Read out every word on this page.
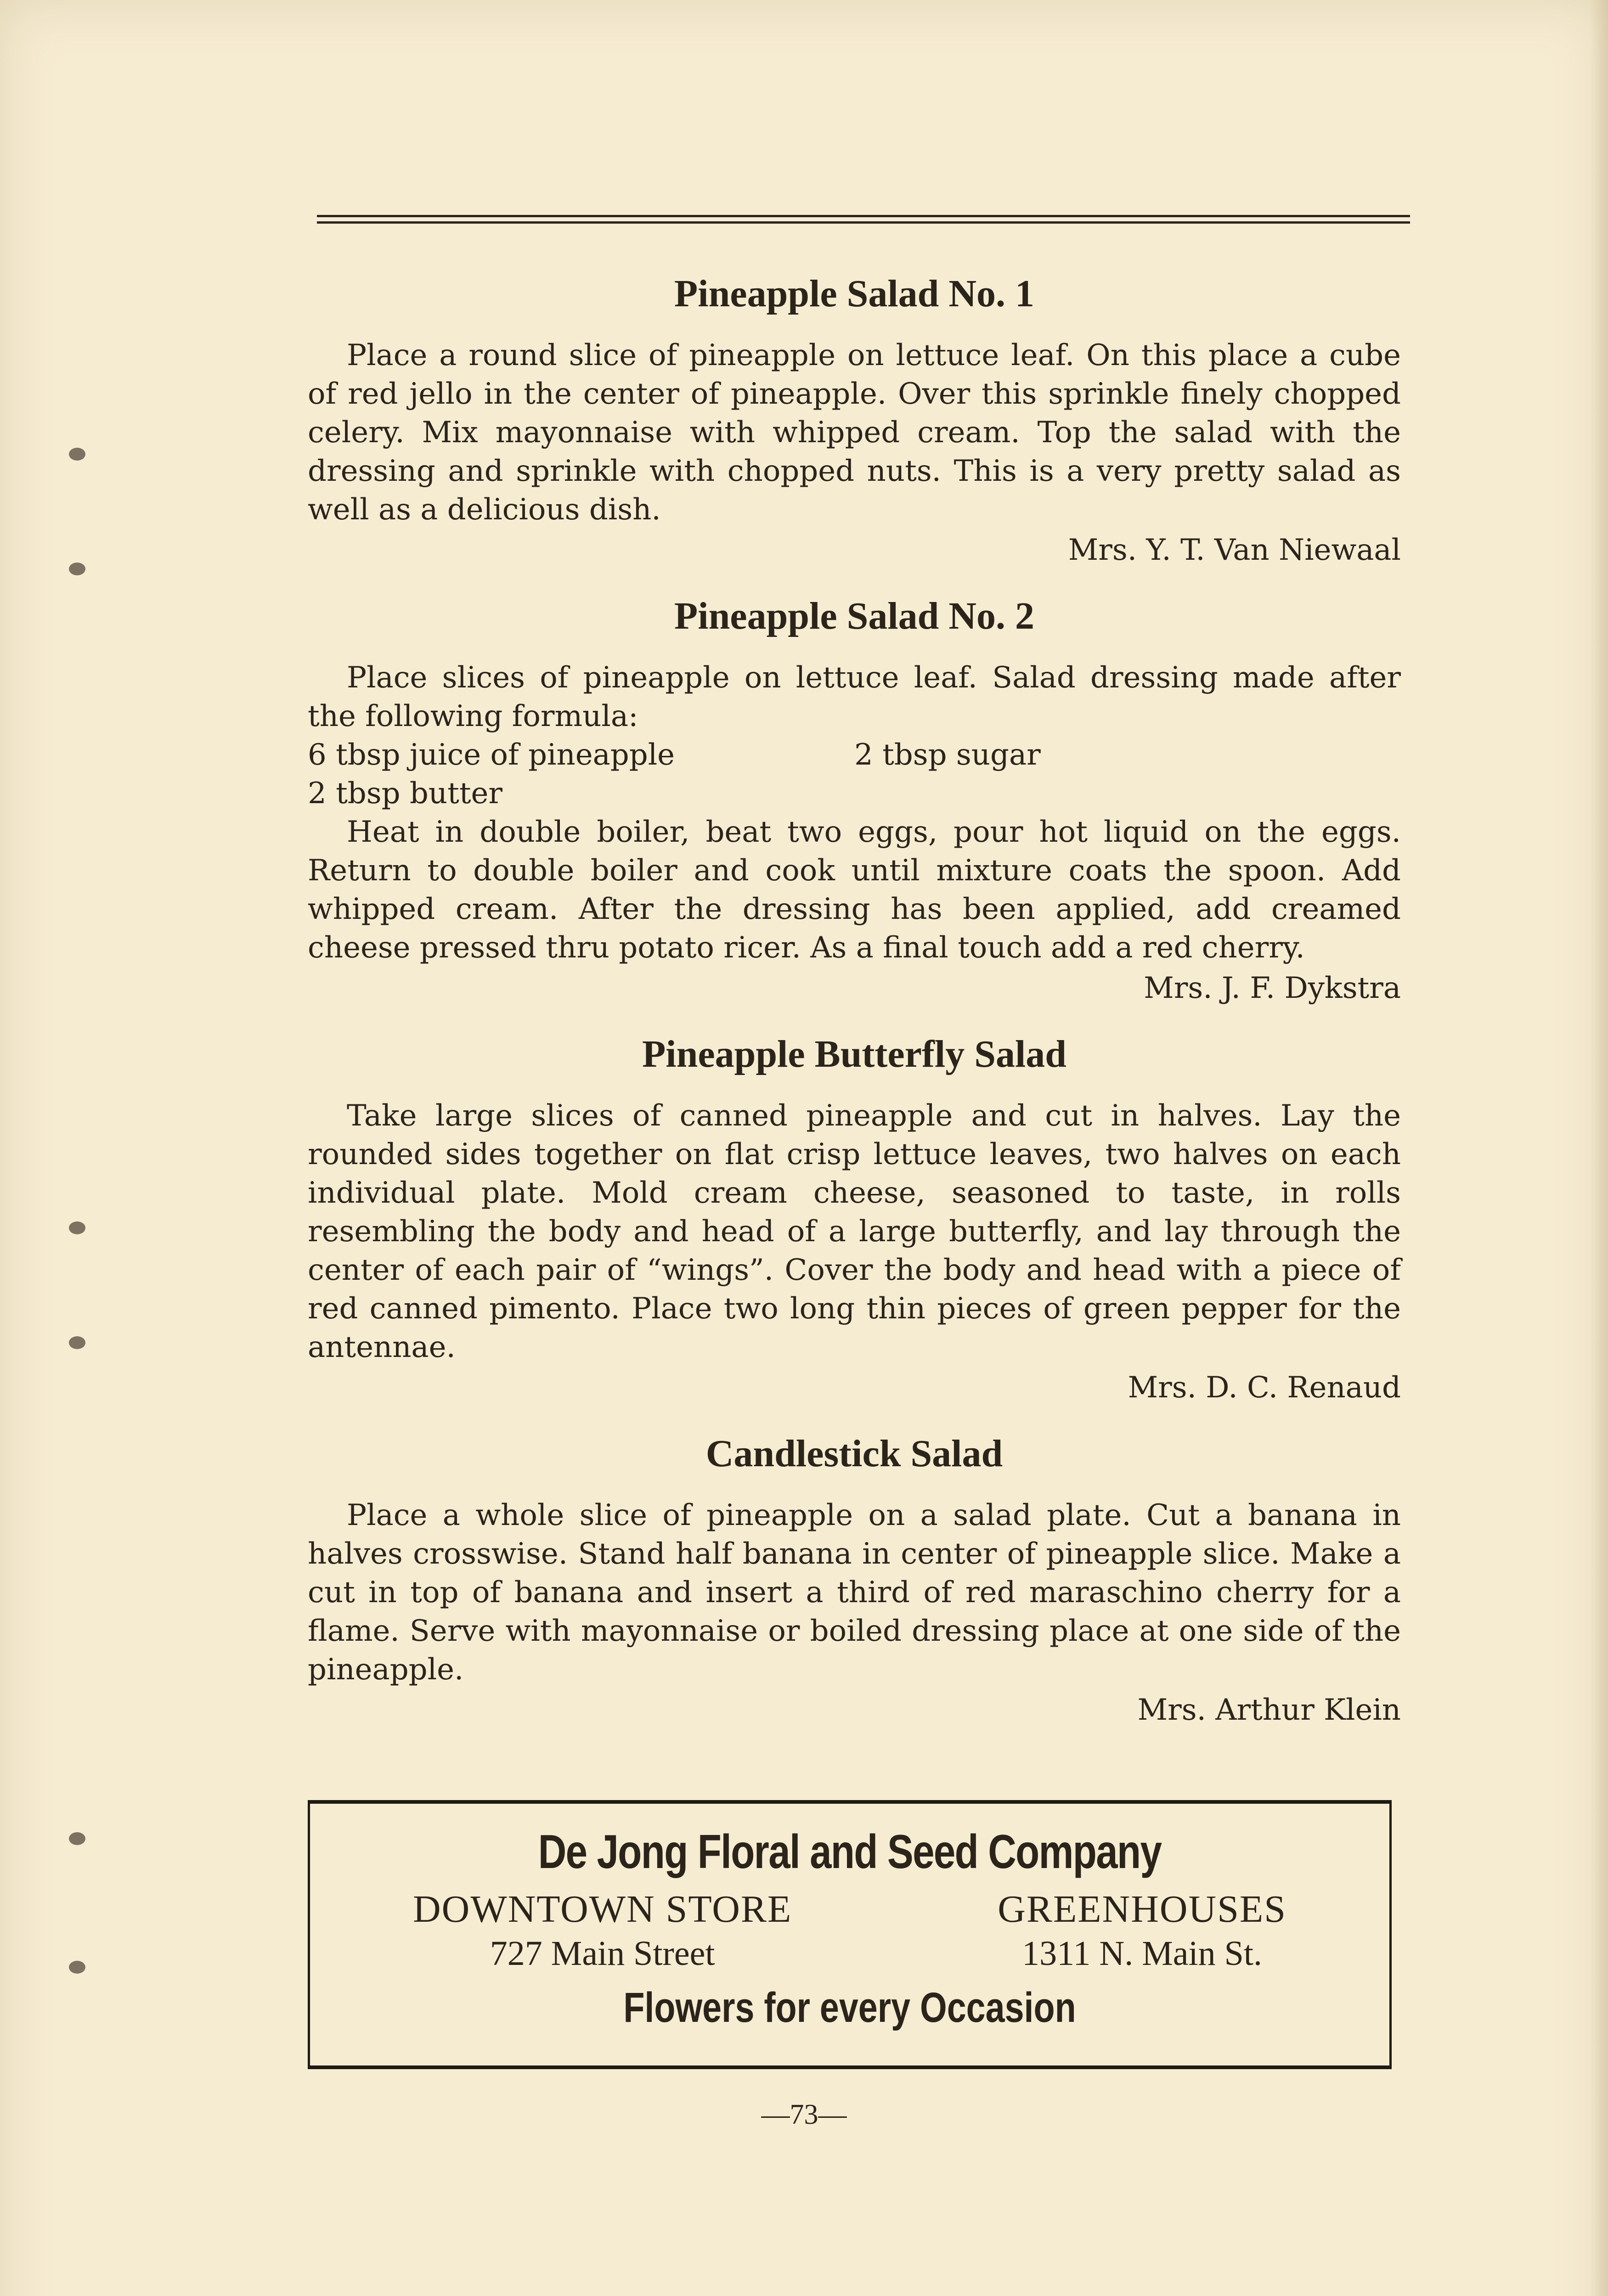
Pineapple Salad No. 1

Place a round slice of pineapple on lettuce leaf. On this place a cube of red jello in the center of pineapple. Over this sprinkle finely chopped celery. Mix mayonnaise with whipped cream. Top the salad with the dressing and sprinkle with chopped nuts. This is a very pretty salad as well as a delicious dish.

Mrs. Y. T. Van Niewaal

Pineapple Salad No. 2

Place slices of pineapple on lettuce leaf. Salad dressing made after the following formula:

6 tbsp juice of pineapple	2 tbsp sugar
2 tbsp butter

Heat in double boiler, beat two eggs, pour hot liquid on the eggs. Return to double boiler and cook until mixture coats the spoon. Add whipped cream. After the dressing has been applied, add creamed cheese pressed thru potato ricer. As a final touch add a red cherry.

Mrs. J. F. Dykstra

Pineapple Butterfly Salad

Take large slices of canned pineapple and cut in halves. Lay the rounded sides together on flat crisp lettuce leaves, two halves on each individual plate. Mold cream cheese, seasoned to taste, in rolls resembling the body and head of a large butterfly, and lay through the center of each pair of “wings”. Cover the body and head with a piece of red canned pimento. Place two long thin pieces of green pepper for the antennae.

Mrs. D. C. Renaud

Candlestick Salad

Place a whole slice of pineapple on a salad plate. Cut a banana in halves crosswise. Stand half banana in center of pineapple slice. Make a cut in top of banana and insert a third of red maraschino cherry for a flame. Serve with mayonnaise or boiled dressing place at one side of the pineapple.

Mrs. Arthur Klein

De Jong Floral and Seed Company
DOWNTOWN STORE
727 Main Street
GREENHOUSES
1311 N. Main St.
Flowers for every Occasion
—73—
